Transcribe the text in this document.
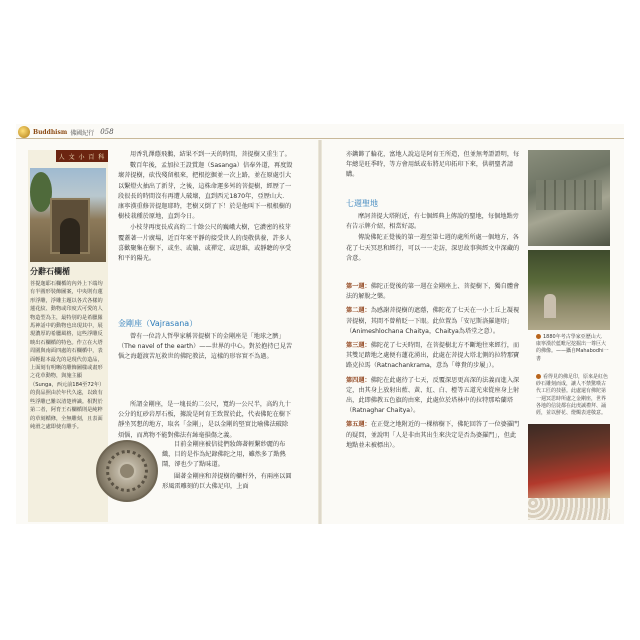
Buddhism 佛國紀行 058
人 文 小 百 科
分辭石欄楯
菩提迦耶石欄楯的內外上下端均有半圓形裝飾圖案，中央則有蓮形浮雕，浮雕主題以各式各樣的蓮花紋、動物或印度式可愛的人物造型為主，最特別的是希臘羅馬神話中的動物也出現其中，展現濃厚的希臘風格，這些浮雕反映出石欄楯的特色。作立在大塔周圍與南面四處的石欄楯中，表面輕鬆本最先的是現代仿造品，上面刻有明晰的雕飾圖樣或畫形之花草動物，與施主顯（Sunga，西元前184至72年）的貴品照由於年代久遠，以致有些浮雕已難以清楚辨識。相對於第二者，阿育王石欄楯則是純粹的草刻楯條，全無雕刻，且表面純滑之處即使有雕手。

用香乳澤蔭飛鵝，結果不到一天的時間，菩提樹又重生了。

數百年後，孟加拉王設賞迦（Sasanga）信奉外道，再度毀壞菩提樹，砍伐殘留根來，把根挖掘並一次上路，並在原處引大以繫燈火抽出了新芽，之後，這株命運多舛的菩提樹，經歷了一段很長的時間沒有再遭人破壞，直到西元1870年，亞歷山大．康寧漢重修菩提迦耶時，老樹又倒了下！於是他叫下一根根樹的樹枝栽種於原地，直到今日。

小枝芽再度長成高約二十餘公尺的巍峨大樹，它濃密的枝芽覆蓋著一片廣場，近百年來平靜的接受世人的虔敬供養，許多人喜歡聚集在樹下，或坐、或躺、或禪定、或思維，或靜聽的享受和平的陽光。

金剛座（Vajrasana）

曾有一位詩人哲學家稱菩提樹下的金剛座是「地球之臍」（The navel of the earth）——世界的中心。對於抱持已見苦惱之海超渡苦厄救世的佛陀教法，這樣的形容實不為過。

所謂金剛座，是一塊長約二公尺，寬約一公尺半，高約九十公分的紅砂岩厚石板，據說是阿育王致置於此，代表佛陀在樹下靜坐冥想的地方，取名「金剛」，是以金剛的堅實比喻佛法破除煩惱，而萬物不能對佛法有絲毫損傷之義。

目前金剛座被信徒們妝飾著輕繫紗麗的布織，目的是作為紀錄佛陀之用，雖然多了點熱鬧，卻也少了點味道。

圍著金剛座和菩提樹的欄杆外，有兩座以圓形風雷雕刻的巨大佛足印，上面

亦鐫飾了輪花，富地人說這是阿育王所造，但並無考證證明，每年總是旺季時，等方會用紙或布將足印拓印下來，供朝聖者請購。

七週聖地

摩訶菩提大塔附近，有七個經典上傳說的聖地，每個地點旁有告示牌介紹，相當好認。

傳說佛陀正覺後的第一週至第七週的處所所處一個地方，各花了七天冥思和經行，可以一一走訪，深思故事與經文中深藏的含意。

第一週：佛陀正覺後的第一週在金剛座上、菩提樹下，獨自體會法的解脫之樂。
第二週：為感謝菩提樹的遮蔭，佛陀花了七天在一小土丘上凝視菩提樹，其間不曾稍眨一下眼。此位置為「安尼斯洛羅迦塔」（Animeshlochana Chaitya，Chaitya為塔堂之意）。
第三週：佛陀花了七天時間，在菩提樹北方不斷地往來經行，而其雙足踏地之處便有蓮花湧出，此處在菩提大塔北側的拉特那寶路克拉馬（Ratnachankrama，意為「尊貴的步履」）。
第四週：佛陀在此處待了七天，反覆深思更高深的法義而進入深定，由其身上放射出藍、黃、紅、白、橙等五道光束從座身上射出，此即佛教五色旗的由來，此處位於塔林中的拉特那哈蘭塔（Ratnaghar Chaitya）。
第五週：在正覺之地附近的一棵榕樹下，佛陀回答了一位婆羅門的疑問，並說明「人是非由其出生來決定是否為婆羅門」，但此地點並未被標出）。
1880年考古學家亞歷山大．康寧漢於藍毗尼挖掘出一尊巨大的佛像。——攝自Mahabodhi一書
看得見的佛足印，原來是紅色砂石雕刻而成，讓人不禁驚嘆古代工匠的技藝。此處還有佛陀第一週冥思時所處之金剛座，世界各地的信徒都在此虔誠禮拜、誦經，並以鮮花、燈燭表達敬意。
